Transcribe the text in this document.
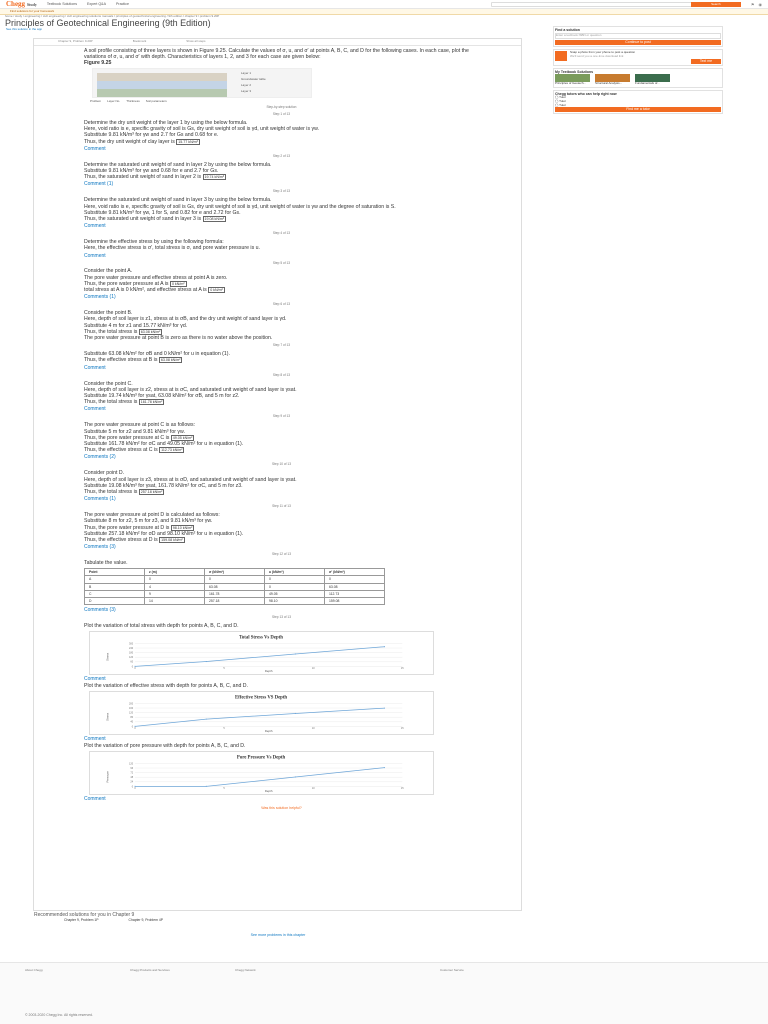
Chegg Study	Textbook Solutions	Expert Q&A	Practice	Search	⚑ ◉
Find solutions for your homework
home / study / engineering / civil engineering / civil engineering solutions manuals / principles of geotechnical engineering / 9th edition / chapter 9 / problem 9.20P
Principles of Geotechnical Engineering (9th Edition)
See this solution in the app	Find a solution
Enter a textbook ISBN or question
Continue to post
Snap a photo from your phone to post a question
We'll send you a one-time download link
Text me
My Textbook Solutions
Principles of Geotech...	Structural Analysis...	Fundamentals of...
Chegg tutors who can help right now
◯ Tutor
◯ Tutor
◯ Tutor
Find me a tutor
Chapter 9, Problem 9.20P	Bookmark	Show all steps

A soil profile consisting of three layers is shown in Figure 9.25. Calculate the values of σ, u, and σ′ at points A, B, C, and D for the following cases. In each case, plot the variations of σ, u, and σ′ with depth. Characteristics of layers 1, 2, and 3 for each case are given below:

Figure 9.25

Layer 1
Groundwater table
Layer 2
Layer 3
Problem Layer No. Thickness Soil parameters
Step-by-step solution
Step 1 of 13
Determine the dry unit weight of the layer 1 by using the below formula.
Here, void ratio is e, specific gravity of soil is Gs, dry unit weight of soil is γd, unit weight of water is γw.
Substitute 9.81 kN/m³ for γw and 2.7 for Gs and 0.68 for e.
Thus, the dry unit weight of clay layer is 15.77 kN/m³
Comment
Step 2 of 13
Determine the saturated unit weight of sand in layer 2 by using the below formula.
Substitute 9.81 kN/m³ for γw and 0.68 for e and 2.7 for Gs.
Thus, the saturated unit weight of sand in layer 2 is 19.74 kN/m³
Comment (1)
Step 3 of 13
Determine the saturated unit weight of sand in layer 3 by using the below formula.
Here, void ratio is e, specific gravity of soil is Gs, dry unit weight of soil is γd, unit weight of water is γw and the degree of saturation is S.
Substitute 9.81 kN/m³ for γw, 1 for S, and 0.82 for e and 2.72 for Gs.
Thus, the saturated unit weight of sand in layer 3 is 19.08 kN/m³
Comment
Step 4 of 13
Determine the effective stress by using the following formula:
Here, the effective stress is σ′, total stress is σ, and pore water pressure is u.
Comment
Step 5 of 13
Consider the point A.
The pore water pressure and effective stress at point A is zero.
Thus, the pore water pressure at A is 0 kN/m²
total stress at A is 0 kN/m², and effective stress at A is 0 kN/m²
Comments (1)
Step 6 of 13
Consider the point B.
Here, depth of soil layer is z1, stress at is σB, and the dry unit weight of sand layer is γd.
Substitute 4 m for z1 and 15.77 kN/m³ for γd.
Thus, the total stress is 63.08 kN/m²
The pore water pressure at point B is zero as there is no water above the position.
Step 7 of 13
Substitute 63.08 kN/m² for σB and 0 kN/m² for u in equation (1).
Thus, the effective stress at B is 63.08 kN/m²
Comment
Step 8 of 13
Consider the point C.
Here, depth of soil layer is z2, stress at is σC, and saturated unit weight of sand layer is γsat.
Substitute 19.74 kN/m³ for γsat, 63.08 kN/m² for σB, and 5 m for z2.
Thus, the total stress is 161.78 kN/m²
Comment
Step 9 of 13
The pore water pressure at point C is as follows:
Substitute 5 m for z2 and 9.81 kN/m³ for γw.
Thus, the pore water pressure at C is 49.05 kN/m²
Substitute 161.78 kN/m² for σC and 49.05 kN/m² for u in equation (1).
Thus, the effective stress at C is 112.73 kN/m²
Comments (2)
Step 10 of 13
Consider point D.
Here, depth of soil layer is z3, stress at is σD, and saturated unit weight of sand layer is γsat.
Substitute 19.08 kN/m³ for γsat, 161.78 kN/m² for σC, and 5 m for z3.
Thus, the total stress is 257.18 kN/m²
Comments (1)
Step 11 of 13
The pore water pressure at point D is calculated as follows:
Substitute 8 m for z2, 5 m for z3, and 9.81 kN/m³ for γw.
Thus, the pore water pressure at D is 98.10 kN/m²
Substitute 257.18 kN/m² for σD and 98.10 kN/m² for u in equation (1).
Thus, the effective stress at D is 159.08 kN/m²
Comments (3)
Step 12 of 13
Tabulate the value.
Point	z (m)	σ (kN/m²)	u (kN/m²)	σ′ (kN/m²)
A	0	0	0	0
B	4	63.08	0	63.08
C	9	161.78	49.05	112.73
D	14	257.18	98.10	159.08
Comments (3)
Step 13 of 13
Plot the variation of total stress with depth for points A, B, C, and D.
Total Stress Vs Depth
Stress
Depth
0
60
120
180
240
300
0	5	10	15
Comment
Plot the variation of effective stress with depth for points A, B, C, and D.
Effective Stress VS Depth
Stress
Depth
0
40
80
120
160
200
0	5	10	15
Comment
Plot the variation of pore pressure with depth for points A, B, C, and D.
Pore Pressure Vs Depth
Pressure
Depth
0
24
48
72
96
120
0	5	10	15
Comment
Was this solution helpful?
Recommended solutions for you in Chapter 9
Chapter 9, Problem 1P	Chapter 9, Problem 4P
See more problems in this chapter
About Chegg	Chegg Products and Services	Chegg Network	Customer Service
© 2003-2020 Chegg Inc. All rights reserved.
